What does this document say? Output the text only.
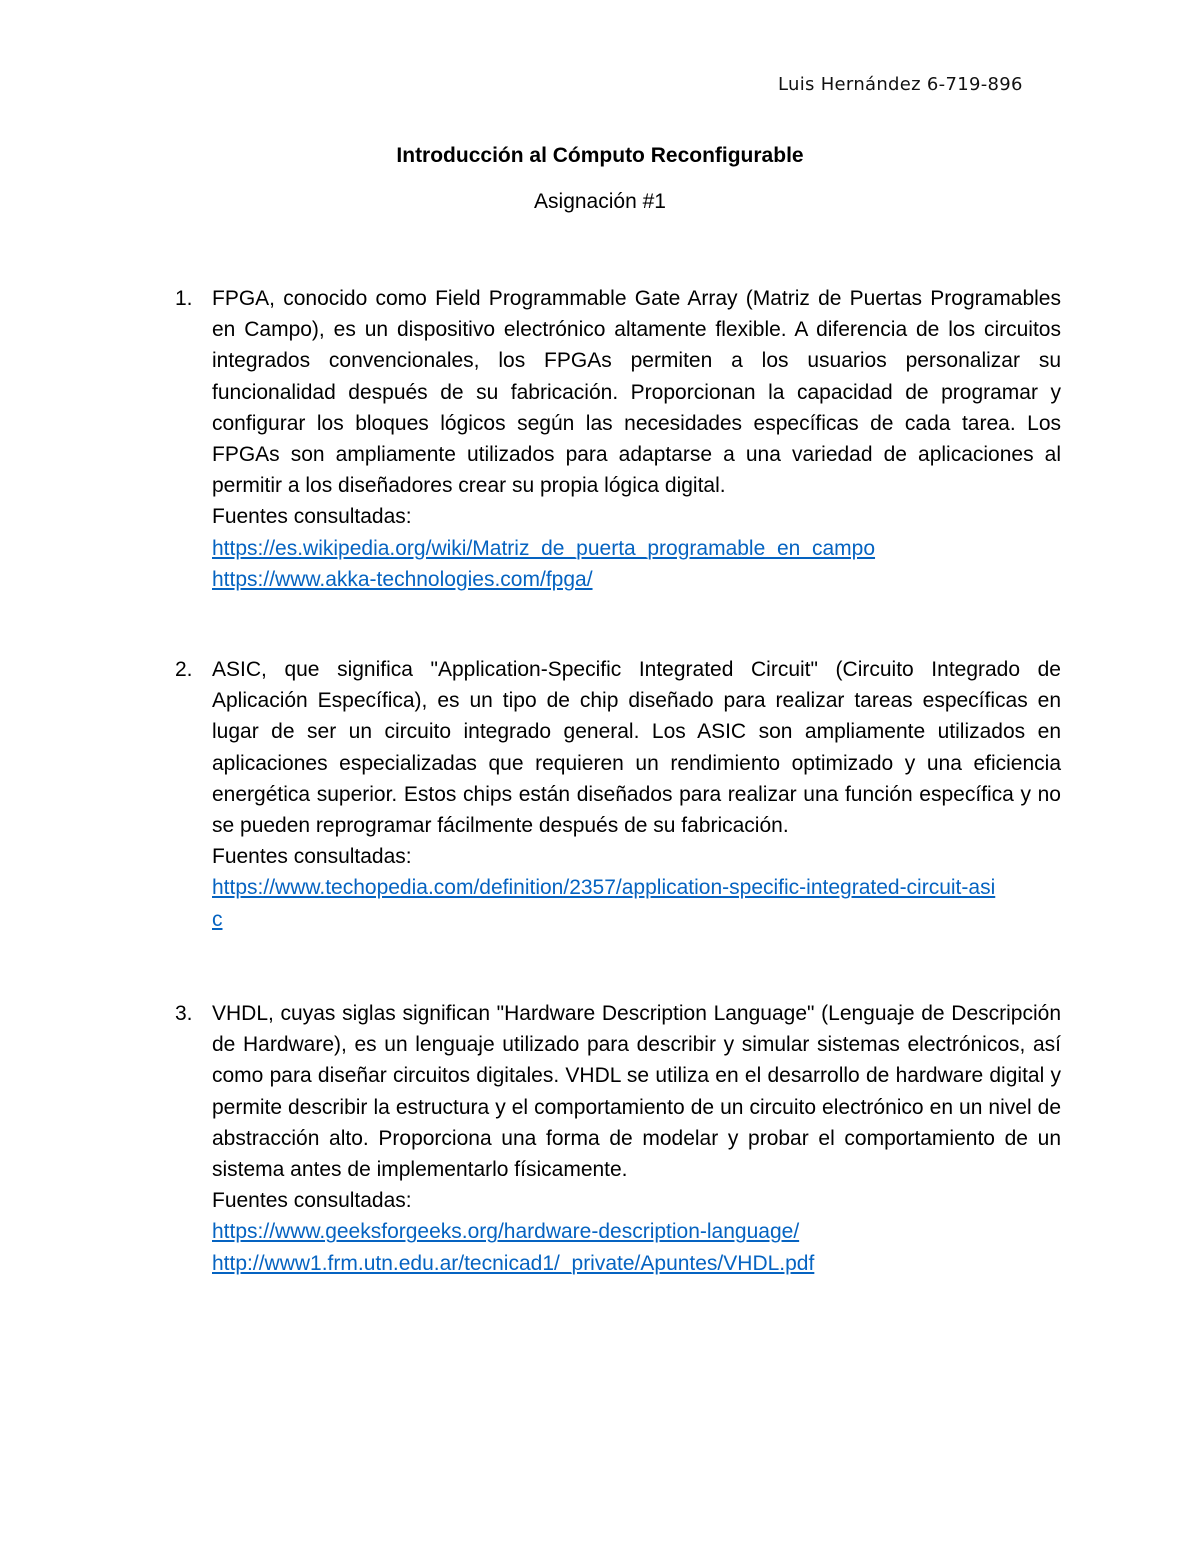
Luis Hernández 6-719-896
Introducción al Cómputo Reconfigurable
Asignación #1
1. FPGA, conocido como Field Programmable Gate Array (Matriz de Puertas Programables en Campo), es un dispositivo electrónico altamente flexible. A diferencia de los circuitos integrados convencionales, los FPGAs permiten a los usuarios personalizar su funcionalidad después de su fabricación. Proporcionan la capacidad de programar y configurar los bloques lógicos según las necesidades específicas de cada tarea. Los FPGAs son ampliamente utilizados para adaptarse a una variedad de aplicaciones al permitir a los diseñadores crear su propia lógica digital.
Fuentes consultadas:
https://es.wikipedia.org/wiki/Matriz_de_puerta_programable_en_campo
https://www.akka-technologies.com/fpga/
2. ASIC, que significa "Application-Specific Integrated Circuit" (Circuito Integrado de Aplicación Específica), es un tipo de chip diseñado para realizar tareas específicas en lugar de ser un circuito integrado general. Los ASIC son ampliamente utilizados en aplicaciones especializadas que requieren un rendimiento optimizado y una eficiencia energética superior. Estos chips están diseñados para realizar una función específica y no se pueden reprogramar fácilmente después de su fabricación.
Fuentes consultadas:
https://www.techopedia.com/definition/2357/application-specific-integrated-circuit-asic
3. VHDL, cuyas siglas significan "Hardware Description Language" (Lenguaje de Descripción de Hardware), es un lenguaje utilizado para describir y simular sistemas electrónicos, así como para diseñar circuitos digitales. VHDL se utiliza en el desarrollo de hardware digital y permite describir la estructura y el comportamiento de un circuito electrónico en un nivel de abstracción alto. Proporciona una forma de modelar y probar el comportamiento de un sistema antes de implementarlo físicamente.
Fuentes consultadas:
https://www.geeksforgeeks.org/hardware-description-language/
http://www1.frm.utn.edu.ar/tecnicad1/_private/Apuntes/VHDL.pdf
